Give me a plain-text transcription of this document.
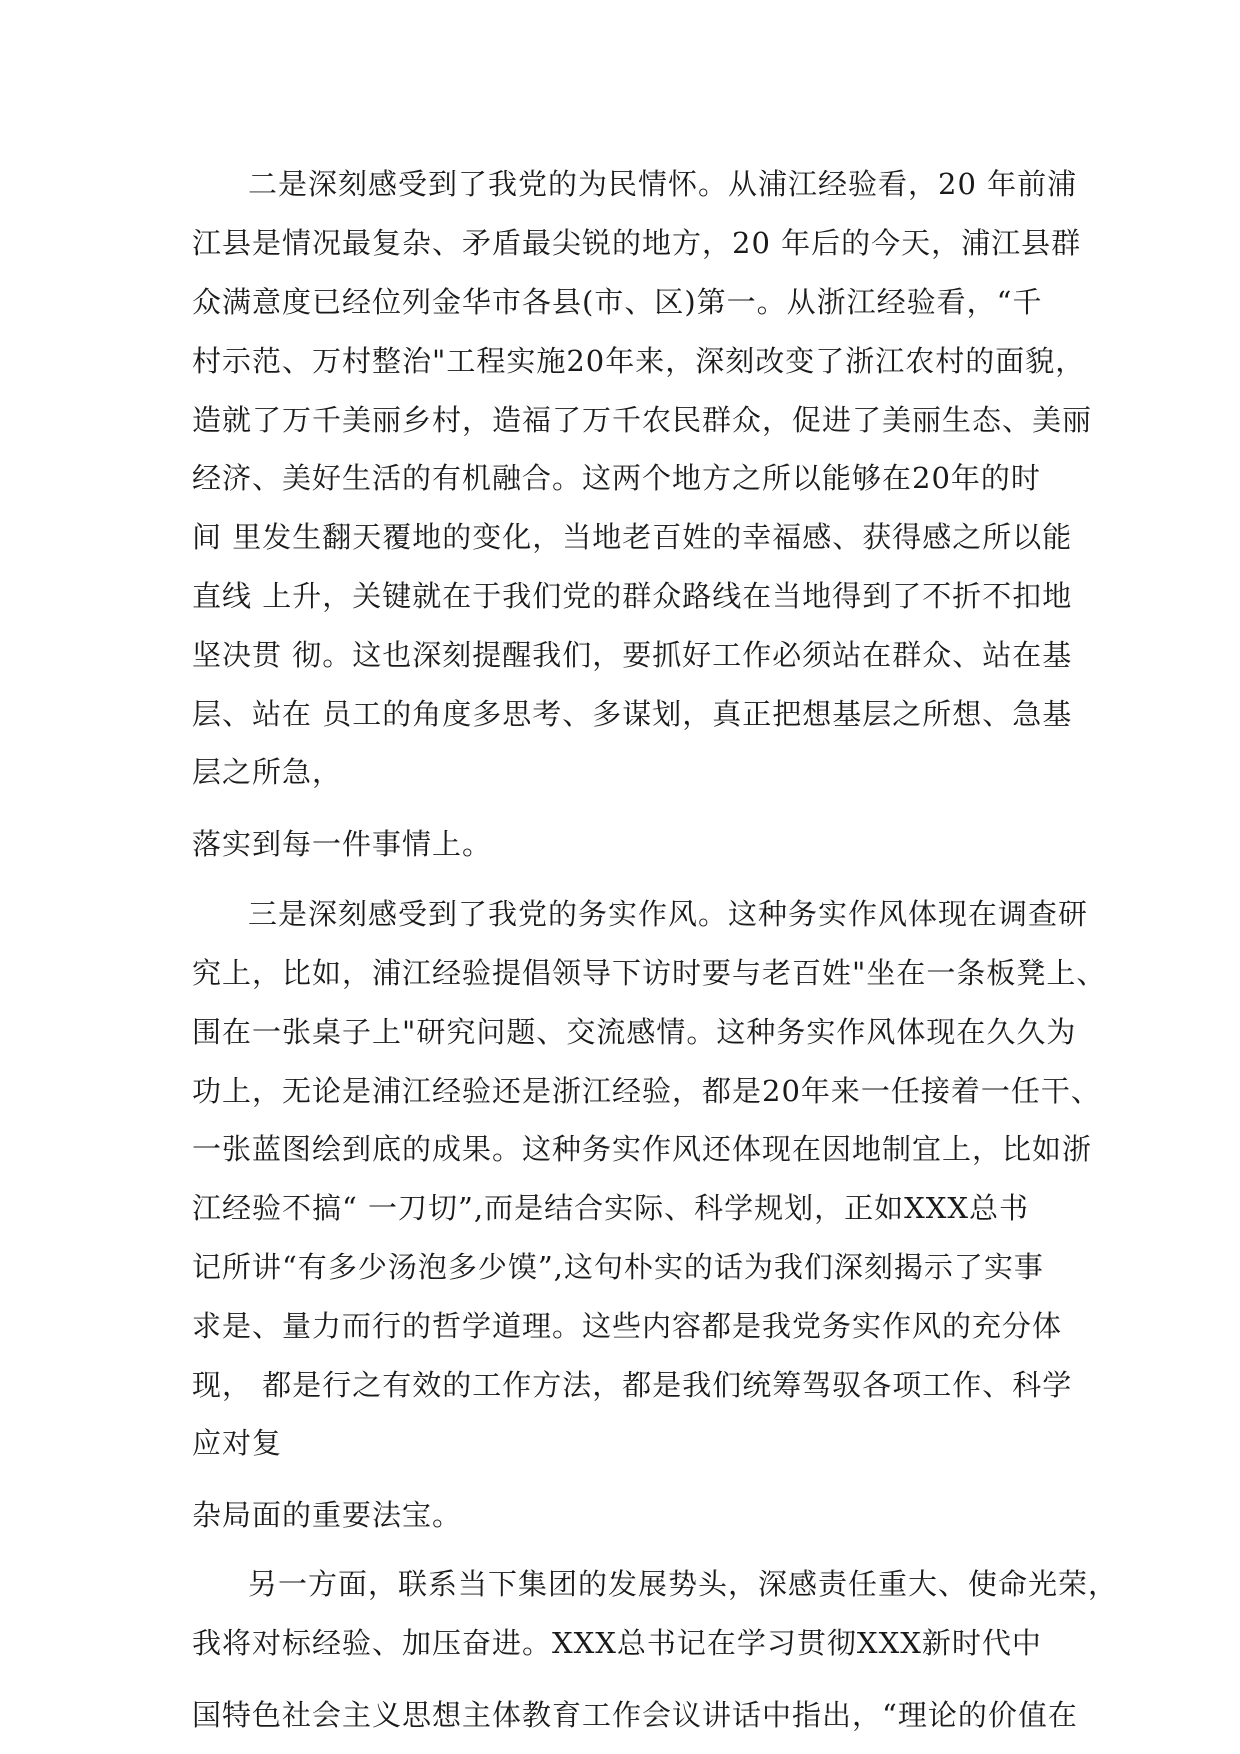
二是深刻感受到了我党的为民情怀。从浦江经验看，20 年前浦
江县是情况最复杂、矛盾最尖锐的地方，20 年后的今天，浦江县群
众满意度已经位列金华市各县(市、区)第一。从浙江经验看，“千
村示范、万村整治"工程实施20年来，深刻改变了浙江农村的面貌，
造就了万千美丽乡村，造福了万千农民群众，促进了美丽生态、美丽
经济、美好生活的有机融合。这两个地方之所以能够在20年的时
间 里发生翻天覆地的变化，当地老百姓的幸福感、获得感之所以能
直线 上升，关键就在于我们党的群众路线在当地得到了不折不扣地
坚决贯 彻。这也深刻提醒我们，要抓好工作必须站在群众、站在基
层、站在 员工的角度多思考、多谋划，真正把想基层之所想、急基
层之所急，
落实到每一件事情上。
三是深刻感受到了我党的务实作风。这种务实作风体现在调查研
究上，比如，浦江经验提倡领导下访时要与老百姓"坐在一条板凳上、
围在一张桌子上"研究问题、交流感情。这种务实作风体现在久久为
功上，无论是浦江经验还是浙江经验，都是20年来一任接着一任干、
一张蓝图绘到底的成果。这种务实作风还体现在因地制宜上，比如浙
江经验不搞“ 一刀切”,而是结合实际、科学规划，正如XXX总书
记所讲“有多少汤泡多少馍”,这句朴实的话为我们深刻揭示了实事
求是、量力而行的哲学道理。这些内容都是我党务实作风的充分体
现， 都是行之有效的工作方法，都是我们统筹驾驭各项工作、科学
应对复
杂局面的重要法宝。
另一方面，联系当下集团的发展势头，深感责任重大、使命光荣，
我将对标经验、加压奋进。XXX总书记在学习贯彻XXX新时代中
国特色社会主义思想主体教育工作会议讲话中指出，“理论的价值在
